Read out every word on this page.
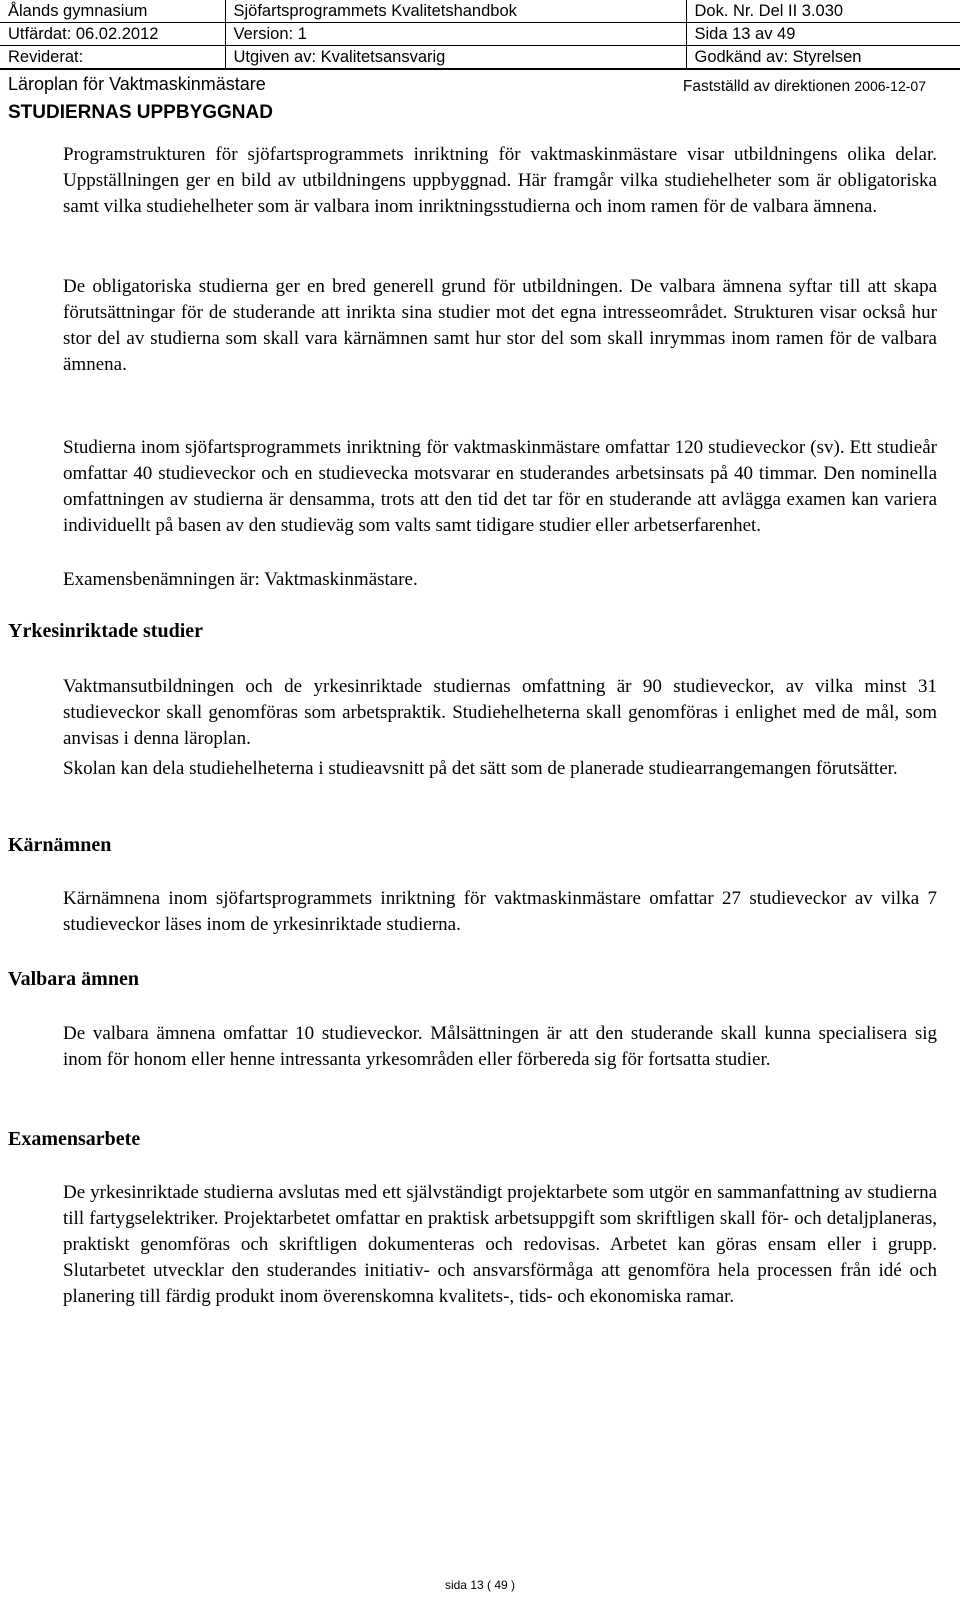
Ålands gymnasium	Sjöfartsprogrammets Kvalitetshandbok	Dok. Nr. Del II 3.030
Utfärdat: 06.02.2012	Version: 1	Sida 13 av 49
Reviderat:	Utgiven av: Kvalitetsansvarig	Godkänd av: Styrelsen
Läroplan för Vaktmaskinmästare	Fastställd av direktionen 2006-12-07
STUDIERNAS UPPBYGGNAD

Programstrukturen för sjöfartsprogrammets inriktning för vaktmaskinmästare visar utbildningens olika delar. Uppställningen ger en bild av utbildningens uppbyggnad. Här framgår vilka studiehelheter som är obligatoriska samt vilka studiehelheter som är valbara inom inriktningsstudierna och inom ramen för de valbara ämnena.

De obligatoriska studierna ger en bred generell grund för utbildningen. De valbara ämnena syftar till att skapa förutsättningar för de studerande att inrikta sina studier mot det egna intresseområdet. Strukturen visar också hur stor del av studierna som skall vara kärnämnen samt hur stor del som skall inrymmas inom ramen för de valbara ämnena.

Studierna inom sjöfartsprogrammets inriktning för vaktmaskinmästare omfattar 120 studieveckor (sv). Ett studieår omfattar 40 studieveckor och en studievecka motsvarar en studerandes arbetsinsats på 40 timmar. Den nominella omfattningen av studierna är densamma, trots att den tid det tar för en studerande att avlägga examen kan variera individuellt på basen av den studieväg som valts samt tidigare studier eller arbetserfarenhet.

Examensbenämningen är: Vaktmaskinmästare.

Yrkesinriktade studier

Vaktmansutbildningen och de yrkesinriktade studiernas omfattning är 90 studieveckor, av vilka minst 31 studieveckor skall genomföras som arbetspraktik. Studiehelheterna skall genomföras i enlighet med de mål, som anvisas i denna läroplan.

Skolan kan dela studiehelheterna i studieavsnitt på det sätt som de planerade studiearrangemangen förutsätter.

Kärnämnen

Kärnämnena inom sjöfartsprogrammets inriktning för vaktmaskinmästare omfattar 27 studieveckor av vilka 7 studieveckor läses inom de yrkesinriktade studierna.

Valbara ämnen

De valbara ämnena omfattar 10 studieveckor. Målsättningen är att den studerande skall kunna specialisera sig inom för honom eller henne intressanta yrkesområden eller förbereda sig för fortsatta studier.

Examensarbete

De yrkesinriktade studierna avslutas med ett självständigt projektarbete som utgör en sammanfattning av studierna till fartygselektriker. Projektarbetet omfattar en praktisk arbetsuppgift som skriftligen skall för- och detaljplaneras, praktiskt genomföras och skriftligen dokumenteras och redovisas. Arbetet kan göras ensam eller i grupp. Slutarbetet utvecklar den studerandes initiativ- och ansvarsförmåga att genomföra hela processen från idé och planering till färdig produkt inom överenskomna kvalitets-, tids- och ekonomiska ramar.

sida 13 ( 49 )
